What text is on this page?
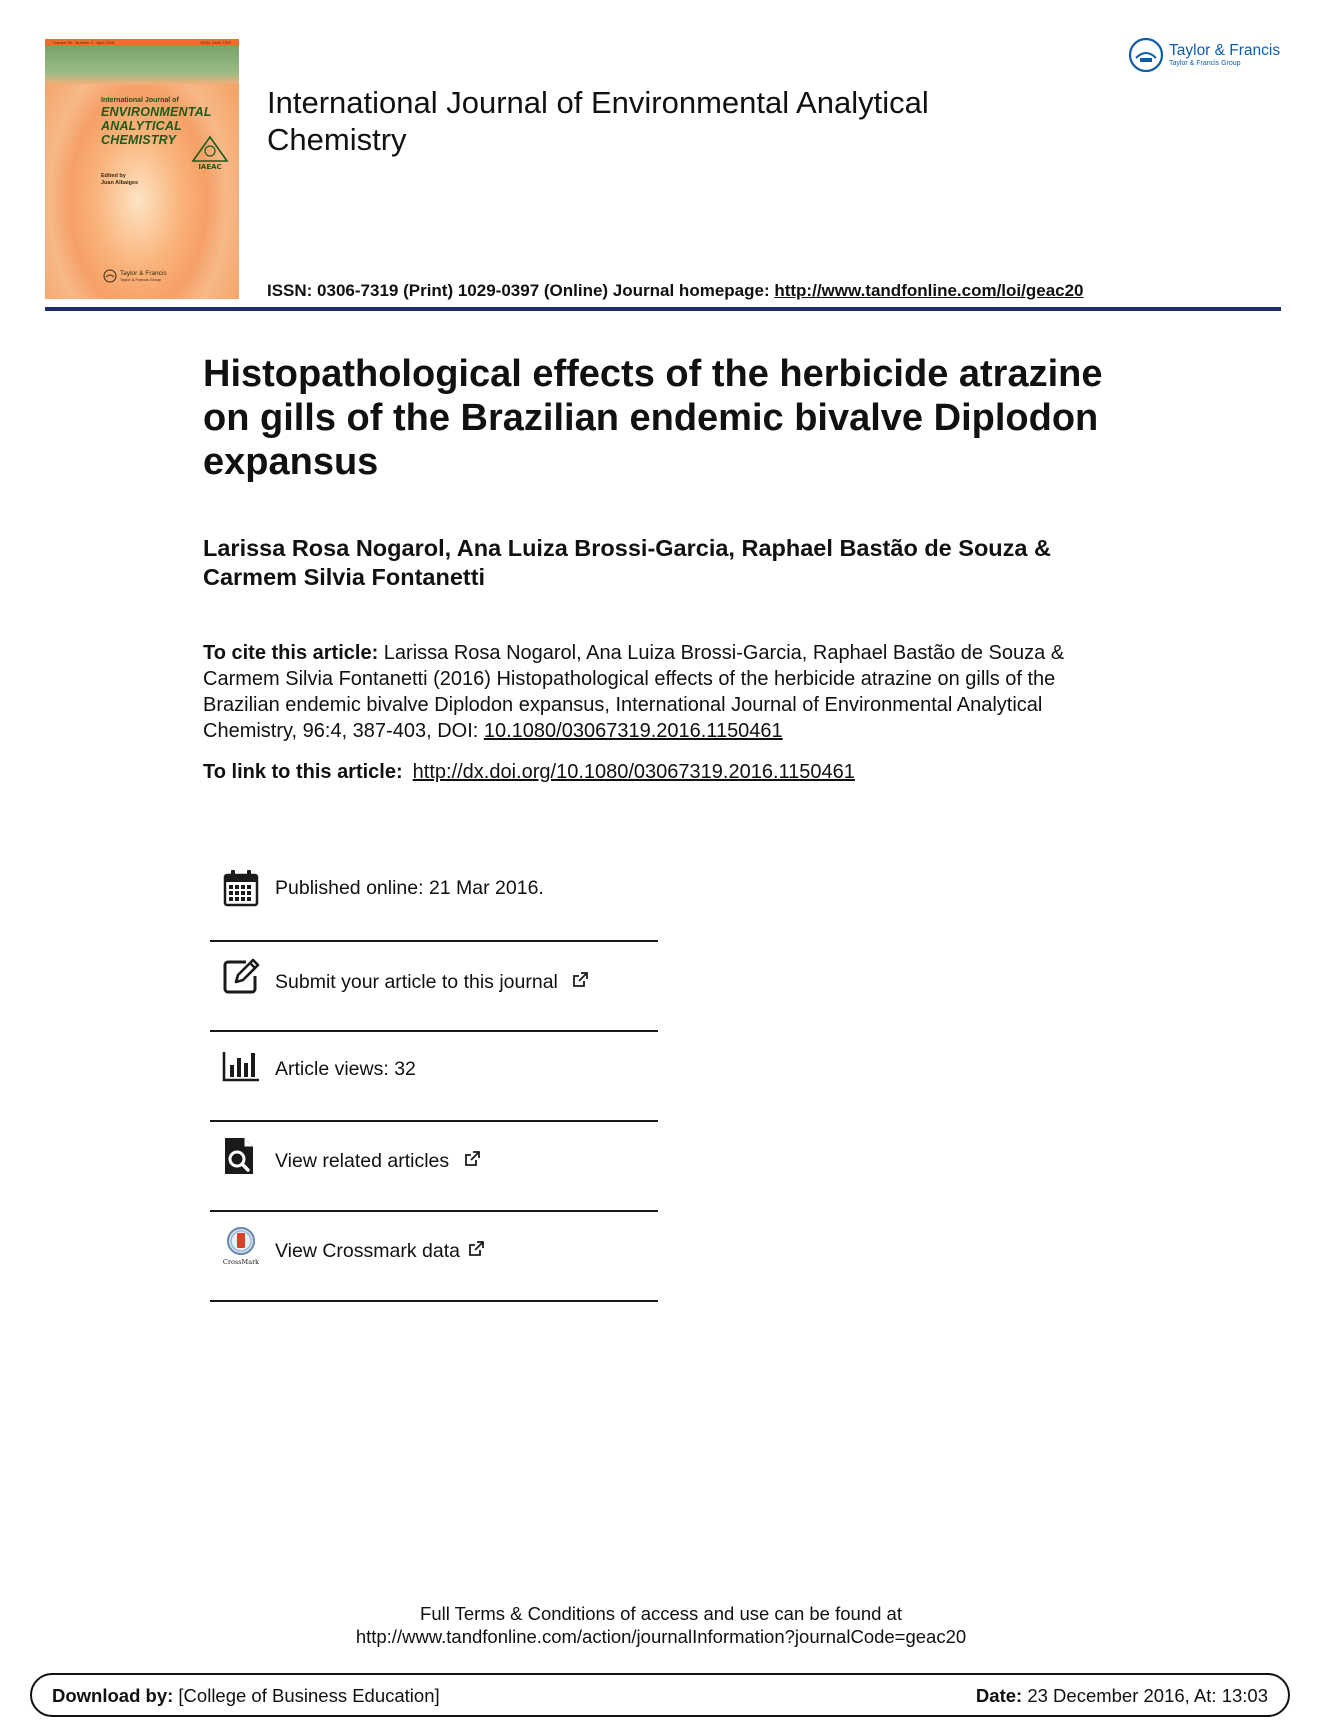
Volume 96 · Number 4 · April 2016	ISSN: 0306-7319
International Journal of
ENVIRONMENTAL
ANALYTICAL
CHEMISTRY
IAEAC
Edited by
Juan Albaiges
Taylor & Francis
Taylor & Francis Group
International Journal of Environmental Analytical Chemistry
Taylor & Francis
Taylor & Francis Group
ISSN: 0306-7319 (Print) 1029-0397 (Online) Journal homepage: http://www.tandfonline.com/loi/geac20
Histopathological effects of the herbicide atrazine on gills of the Brazilian endemic bivalve Diplodon expansus
Larissa Rosa Nogarol, Ana Luiza Brossi-Garcia, Raphael Bastão de Souza & Carmem Silvia Fontanetti
To cite this article: Larissa Rosa Nogarol, Ana Luiza Brossi-Garcia, Raphael Bastão de Souza & Carmem Silvia Fontanetti (2016) Histopathological effects of the herbicide atrazine on gills of the Brazilian endemic bivalve Diplodon expansus, International Journal of Environmental Analytical Chemistry, 96:4, 387-403, DOI: 10.1080/03067319.2016.1150461
To link to this article: http://dx.doi.org/10.1080/03067319.2016.1150461
Published online: 21 Mar 2016.
Submit your article to this journal
Article views: 32
View related articles
CrossMark View Crossmark data
Full Terms & Conditions of access and use can be found at
http://www.tandfonline.com/action/journalInformation?journalCode=geac20
Download by: [College of Business Education]	Date: 23 December 2016, At: 13:03
